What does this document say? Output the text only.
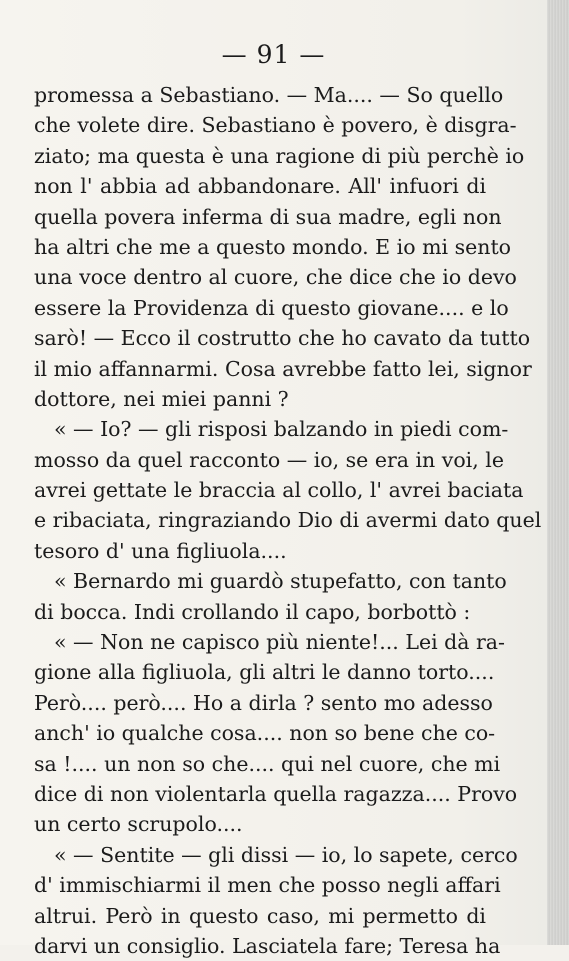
— 91 —
promessa a Sebastiano. — Ma.... — So quello
che volete dire. Sebastiano è povero, è disgra-
ziato; ma questa è una ragione di più perchè io
non l' abbia ad abbandonare. All' infuori di
quella povera inferma di sua madre, egli non
ha altri che me a questo mondo. E io mi sento
una voce dentro al cuore, che dice che io devo
essere la Providenza di questo giovane.... e lo
sarò! — Ecco il costrutto che ho cavato da tutto
il mio affannarmi. Cosa avrebbe fatto lei, signor
dottore, nei miei panni ?
« — Io? — gli risposi balzando in piedi com-
mosso da quel racconto — io, se era in voi, le
avrei gettate le braccia al collo, l' avrei baciata
e ribaciata, ringraziando Dio di avermi dato quel
tesoro d' una figliuola....
« Bernardo mi guardò stupefatto, con tanto
di bocca. Indi crollando il capo, borbottò :
« — Non ne capisco più niente!... Lei dà ra-
gione alla figliuola, gli altri le danno torto....
Però.... però.... Ho a dirla ? sento mo adesso
anch' io qualche cosa.... non so bene che co-
sa !.... un non so che.... qui nel cuore, che mi
dice di non violentarla quella ragazza.... Provo
un certo scrupolo....
« — Sentite — gli dissi — io, lo sapete, cerco
d' immischiarmi il men che posso negli affari
altrui. Però in questo caso, mi permetto di
darvi un consiglio. Lasciatela fare; Teresa ha
